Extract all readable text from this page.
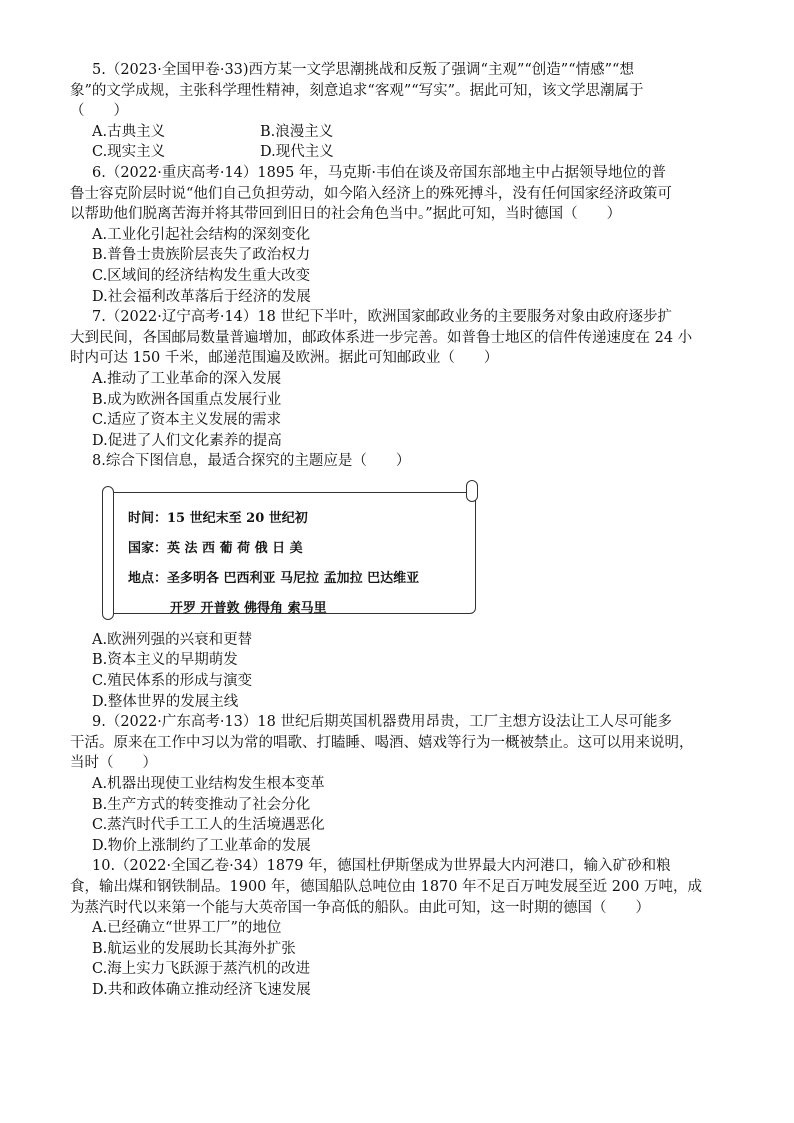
5.（2023·全国甲卷·33)西方某一文学思潮挑战和反叛了强调“主观”“创造”“情感”“想
象”的文学成规，主张科学理性精神，刻意追求“客观”“写实”。据此可知，该文学思潮属于
（　　）
A.古典主义	B.浪漫主义
C.现实主义	D.现代主义
6.（2022·重庆高考·14）1895 年，马克斯·韦伯在谈及帝国东部地主中占据领导地位的普
鲁士容克阶层时说“他们自己负担劳动，如今陷入经济上的殊死搏斗，没有任何国家经济政策可
以帮助他们脱离苦海并将其带回到旧日的社会角色当中。”据此可知，当时德国（　　）
A.工业化引起社会结构的深刻变化
B.普鲁士贵族阶层丧失了政治权力
C.区域间的经济结构发生重大改变
D.社会福利改革落后于经济的发展
7.（2022·辽宁高考·14）18 世纪下半叶，欧洲国家邮政业务的主要服务对象由政府逐步扩
大到民间，各国邮局数量普遍增加，邮政体系进一步完善。如普鲁士地区的信件传递速度在 24 小
时内可达 150 千米，邮递范围遍及欧洲。据此可知邮政业（　　）
A.推动了工业革命的深入发展
B.成为欧洲各国重点发展行业
C.适应了资本主义发展的需求
D.促进了人们文化素养的提高
8.综合下图信息，最适合探究的主题应是（　　）
时间：15 世纪末至 20 世纪初
国家：英 法 西 葡 荷 俄 日 美
地点：圣多明各 巴西利亚 马尼拉 孟加拉 巴达维亚
开罗 开普敦 佛得角 索马里
A.欧洲列强的兴衰和更替
B.资本主义的早期萌发
C.殖民体系的形成与演变
D.整体世界的发展主线
9.（2022·广东高考·13）18 世纪后期英国机器费用昂贵，工厂主想方设法让工人尽可能多
干活。原来在工作中习以为常的唱歌、打瞌睡、喝酒、嬉戏等行为一概被禁止。这可以用来说明，
当时（　　）
A.机器出现使工业结构发生根本变革
B.生产方式的转变推动了社会分化
C.蒸汽时代手工工人的生活境遇恶化
D.物价上涨制约了工业革命的发展
10.（2022·全国乙卷·34）1879 年，德国杜伊斯堡成为世界最大内河港口，输入矿砂和粮
食，输出煤和钢铁制品。1900 年，德国船队总吨位由 1870 年不足百万吨发展至近 200 万吨，成
为蒸汽时代以来第一个能与大英帝国一争高低的船队。由此可知，这一时期的德国（　　）
A.已经确立“世界工厂”的地位
B.航运业的发展助长其海外扩张
C.海上实力飞跃源于蒸汽机的改进
D.共和政体确立推动经济飞速发展
